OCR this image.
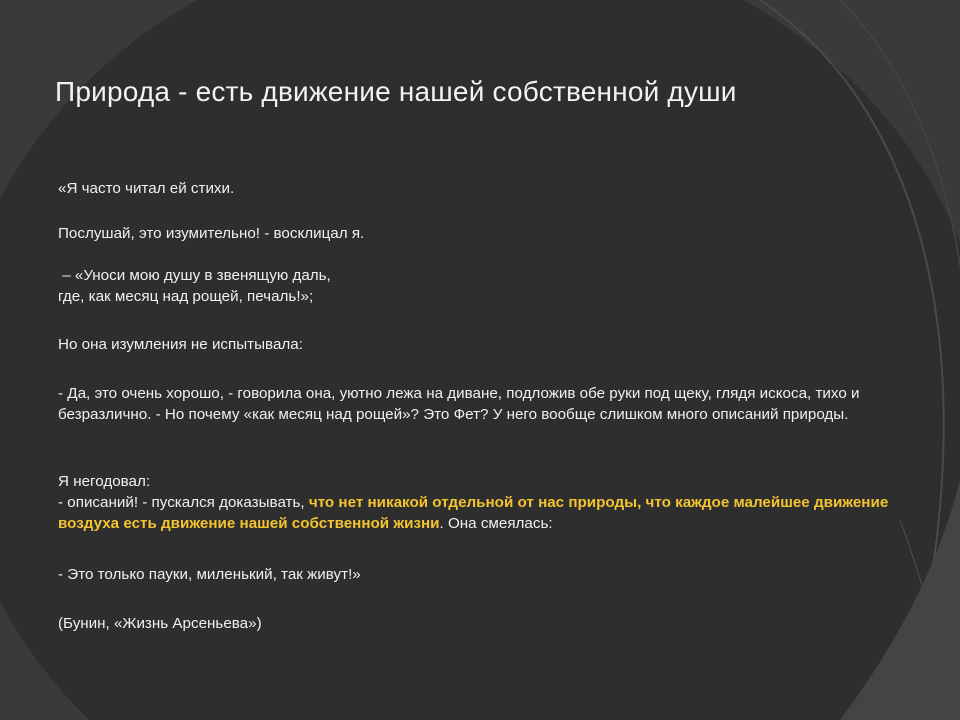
Природа - есть движение нашей собственной души
«Я часто читал ей стихи.
Послушай, это изумительно! - восклицал я.
– «Уноси мою душу в звенящую даль,
где, как месяц над рощей, печаль!»;
Но она изумления не испытывала:
- Да, это очень хорошо, - говорила она, уютно лежа на диване, подложив обе руки под щеку, глядя искоса, тихо и безразлично. - Но почему «как месяц над рощей»? Это Фет? У него вообще слишком много описаний природы.
Я негодовал:
- описаний! - пускался доказывать, что нет никакой отдельной от нас природы, что каждое малейшее движение воздуха есть движение нашей собственной жизни. Она смеялась:
- Это только пауки, миленький, так живут!»
(Бунин, «Жизнь Арсеньева»)
